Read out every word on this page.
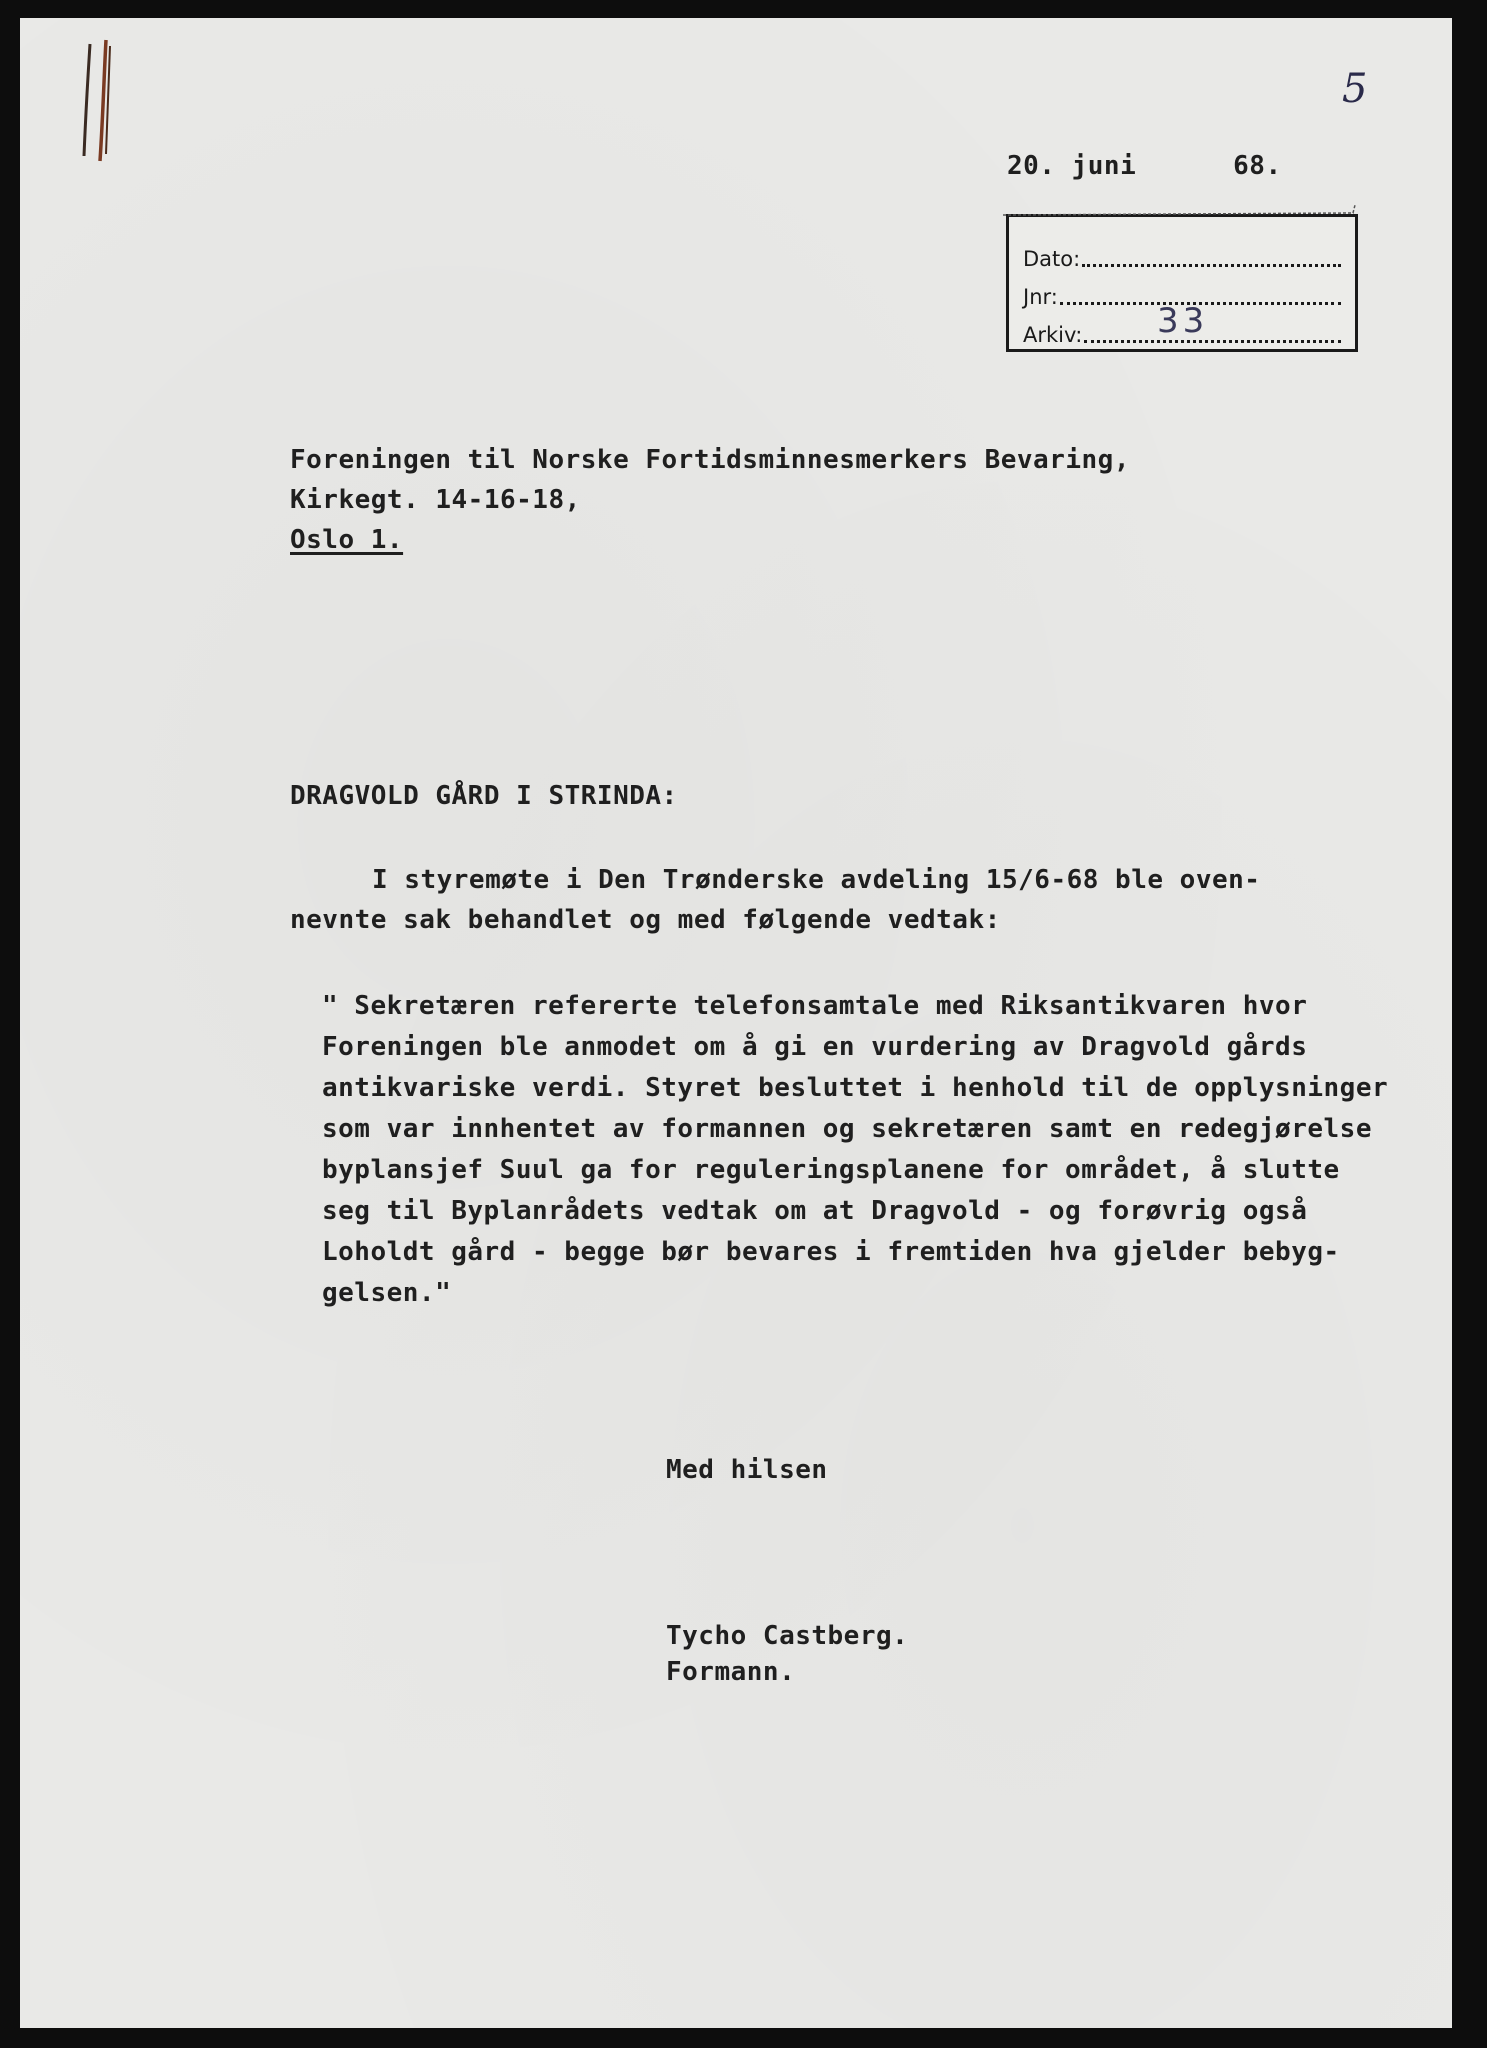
5
20. juni      68.
Dato:
Jnr:
Arkiv: 33
Foreningen til Norske Fortidsminnesmerkers Bevaring,
Kirkegt. 14-16-18,
Oslo 1.
DRAGVOLD GÅRD I STRINDA:
I styremøte i Den Trønderske avdeling 15/6-68 ble oven-
nevnte sak behandlet og med følgende vedtak:
" Sekretæren refererte telefonsamtale med Riksantikvaren hvor
Foreningen ble anmodet om å gi en vurdering av Dragvold gårds
antikvariske verdi. Styret besluttet i henhold til de opplysninger
som var innhentet av formannen og sekretæren samt en redegjørelse
byplansjef Suul ga for reguleringsplanene for området, å slutte
seg til Byplanrådets vedtak om at Dragvold - og forøvrig også
Loholdt gård - begge bør bevares i fremtiden hva gjelder bebyg-
gelsen."
Med hilsen
Tycho Castberg.
Formann.
